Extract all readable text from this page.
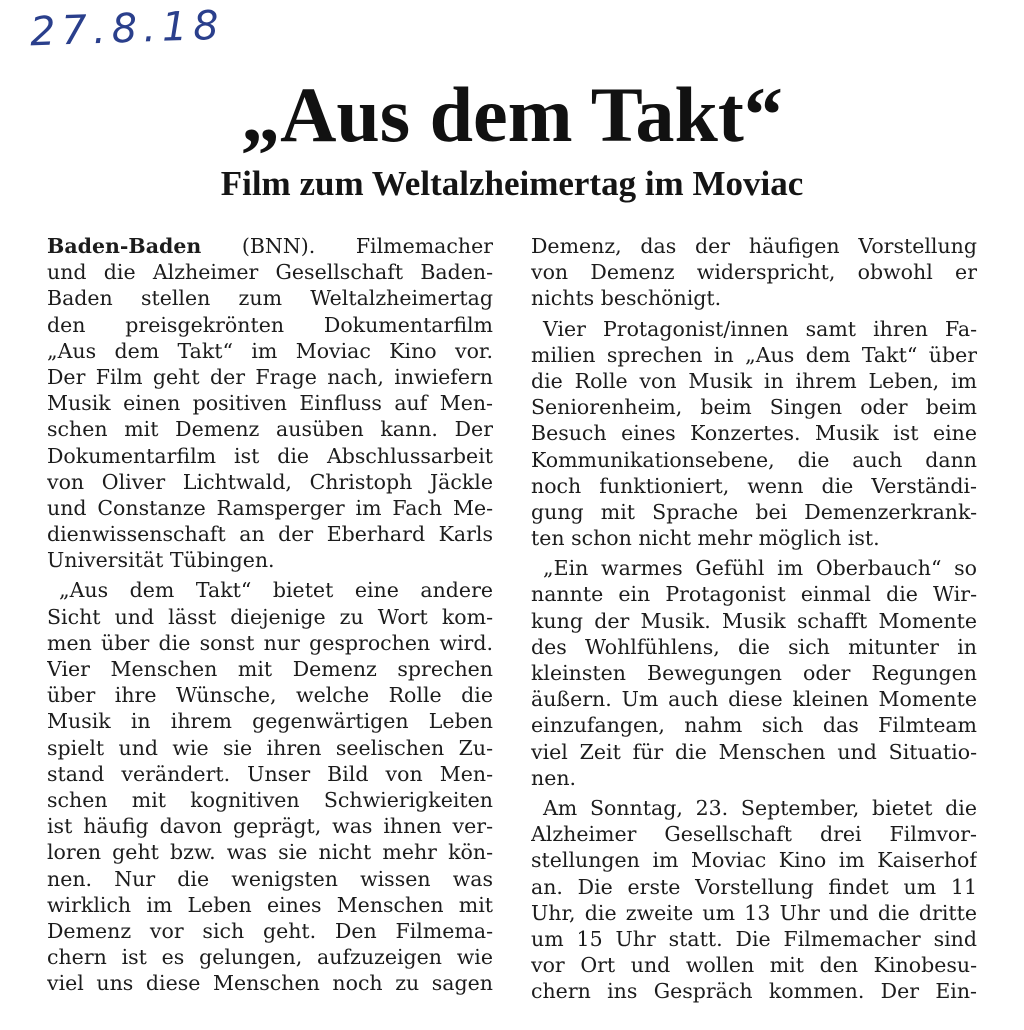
27.8.18
„Aus dem Takt“
Film zum Weltalzheimertag im Moviac
Baden-Baden (BNN). Filmemacher
und die Alzheimer Gesellschaft Baden-
Baden stellen zum Weltalzheimertag
den preisgekrönten Dokumentarfilm
„Aus dem Takt“ im Moviac Kino vor.
Der Film geht der Frage nach, inwiefern
Musik einen positiven Einfluss auf Men-
schen mit Demenz ausüben kann. Der
Dokumentarfilm ist die Abschlussarbeit
von Oliver Lichtwald, Christoph Jäckle
und Constanze Ramsperger im Fach Me-
dienwissenschaft an der Eberhard Karls
Universität Tübingen.
„Aus dem Takt“ bietet eine andere
Sicht und lässt diejenige zu Wort kom-
men über die sonst nur gesprochen wird.
Vier Menschen mit Demenz sprechen
über ihre Wünsche, welche Rolle die
Musik in ihrem gegenwärtigen Leben
spielt und wie sie ihren seelischen Zu-
stand verändert. Unser Bild von Men-
schen mit kognitiven Schwierigkeiten
ist häufig davon geprägt, was ihnen ver-
loren geht bzw. was sie nicht mehr kön-
nen. Nur die wenigsten wissen was
wirklich im Leben eines Menschen mit
Demenz vor sich geht. Den Filmema-
chern ist es gelungen, aufzuzeigen wie
viel uns diese Menschen noch zu sagen
Demenz, das der häufigen Vorstellung
von Demenz widerspricht, obwohl er
nichts beschönigt.
Vier Protagonist/innen samt ihren Fa-
milien sprechen in „Aus dem Takt“ über
die Rolle von Musik in ihrem Leben, im
Seniorenheim, beim Singen oder beim
Besuch eines Konzertes. Musik ist eine
Kommunikationsebene, die auch dann
noch funktioniert, wenn die Verständi-
gung mit Sprache bei Demenzerkrank-
ten schon nicht mehr möglich ist.
„Ein warmes Gefühl im Oberbauch“ so
nannte ein Protagonist einmal die Wir-
kung der Musik. Musik schafft Momente
des Wohlfühlens, die sich mitunter in
kleinsten Bewegungen oder Regungen
äußern. Um auch diese kleinen Momente
einzufangen, nahm sich das Filmteam
viel Zeit für die Menschen und Situatio-
nen.
Am Sonntag, 23. September, bietet die
Alzheimer Gesellschaft drei Filmvor-
stellungen im Moviac Kino im Kaiserhof
an. Die erste Vorstellung findet um 11
Uhr, die zweite um 13 Uhr und die dritte
um 15 Uhr statt. Die Filmemacher sind
vor Ort und wollen mit den Kinobesu-
chern ins Gespräch kommen. Der Ein-
